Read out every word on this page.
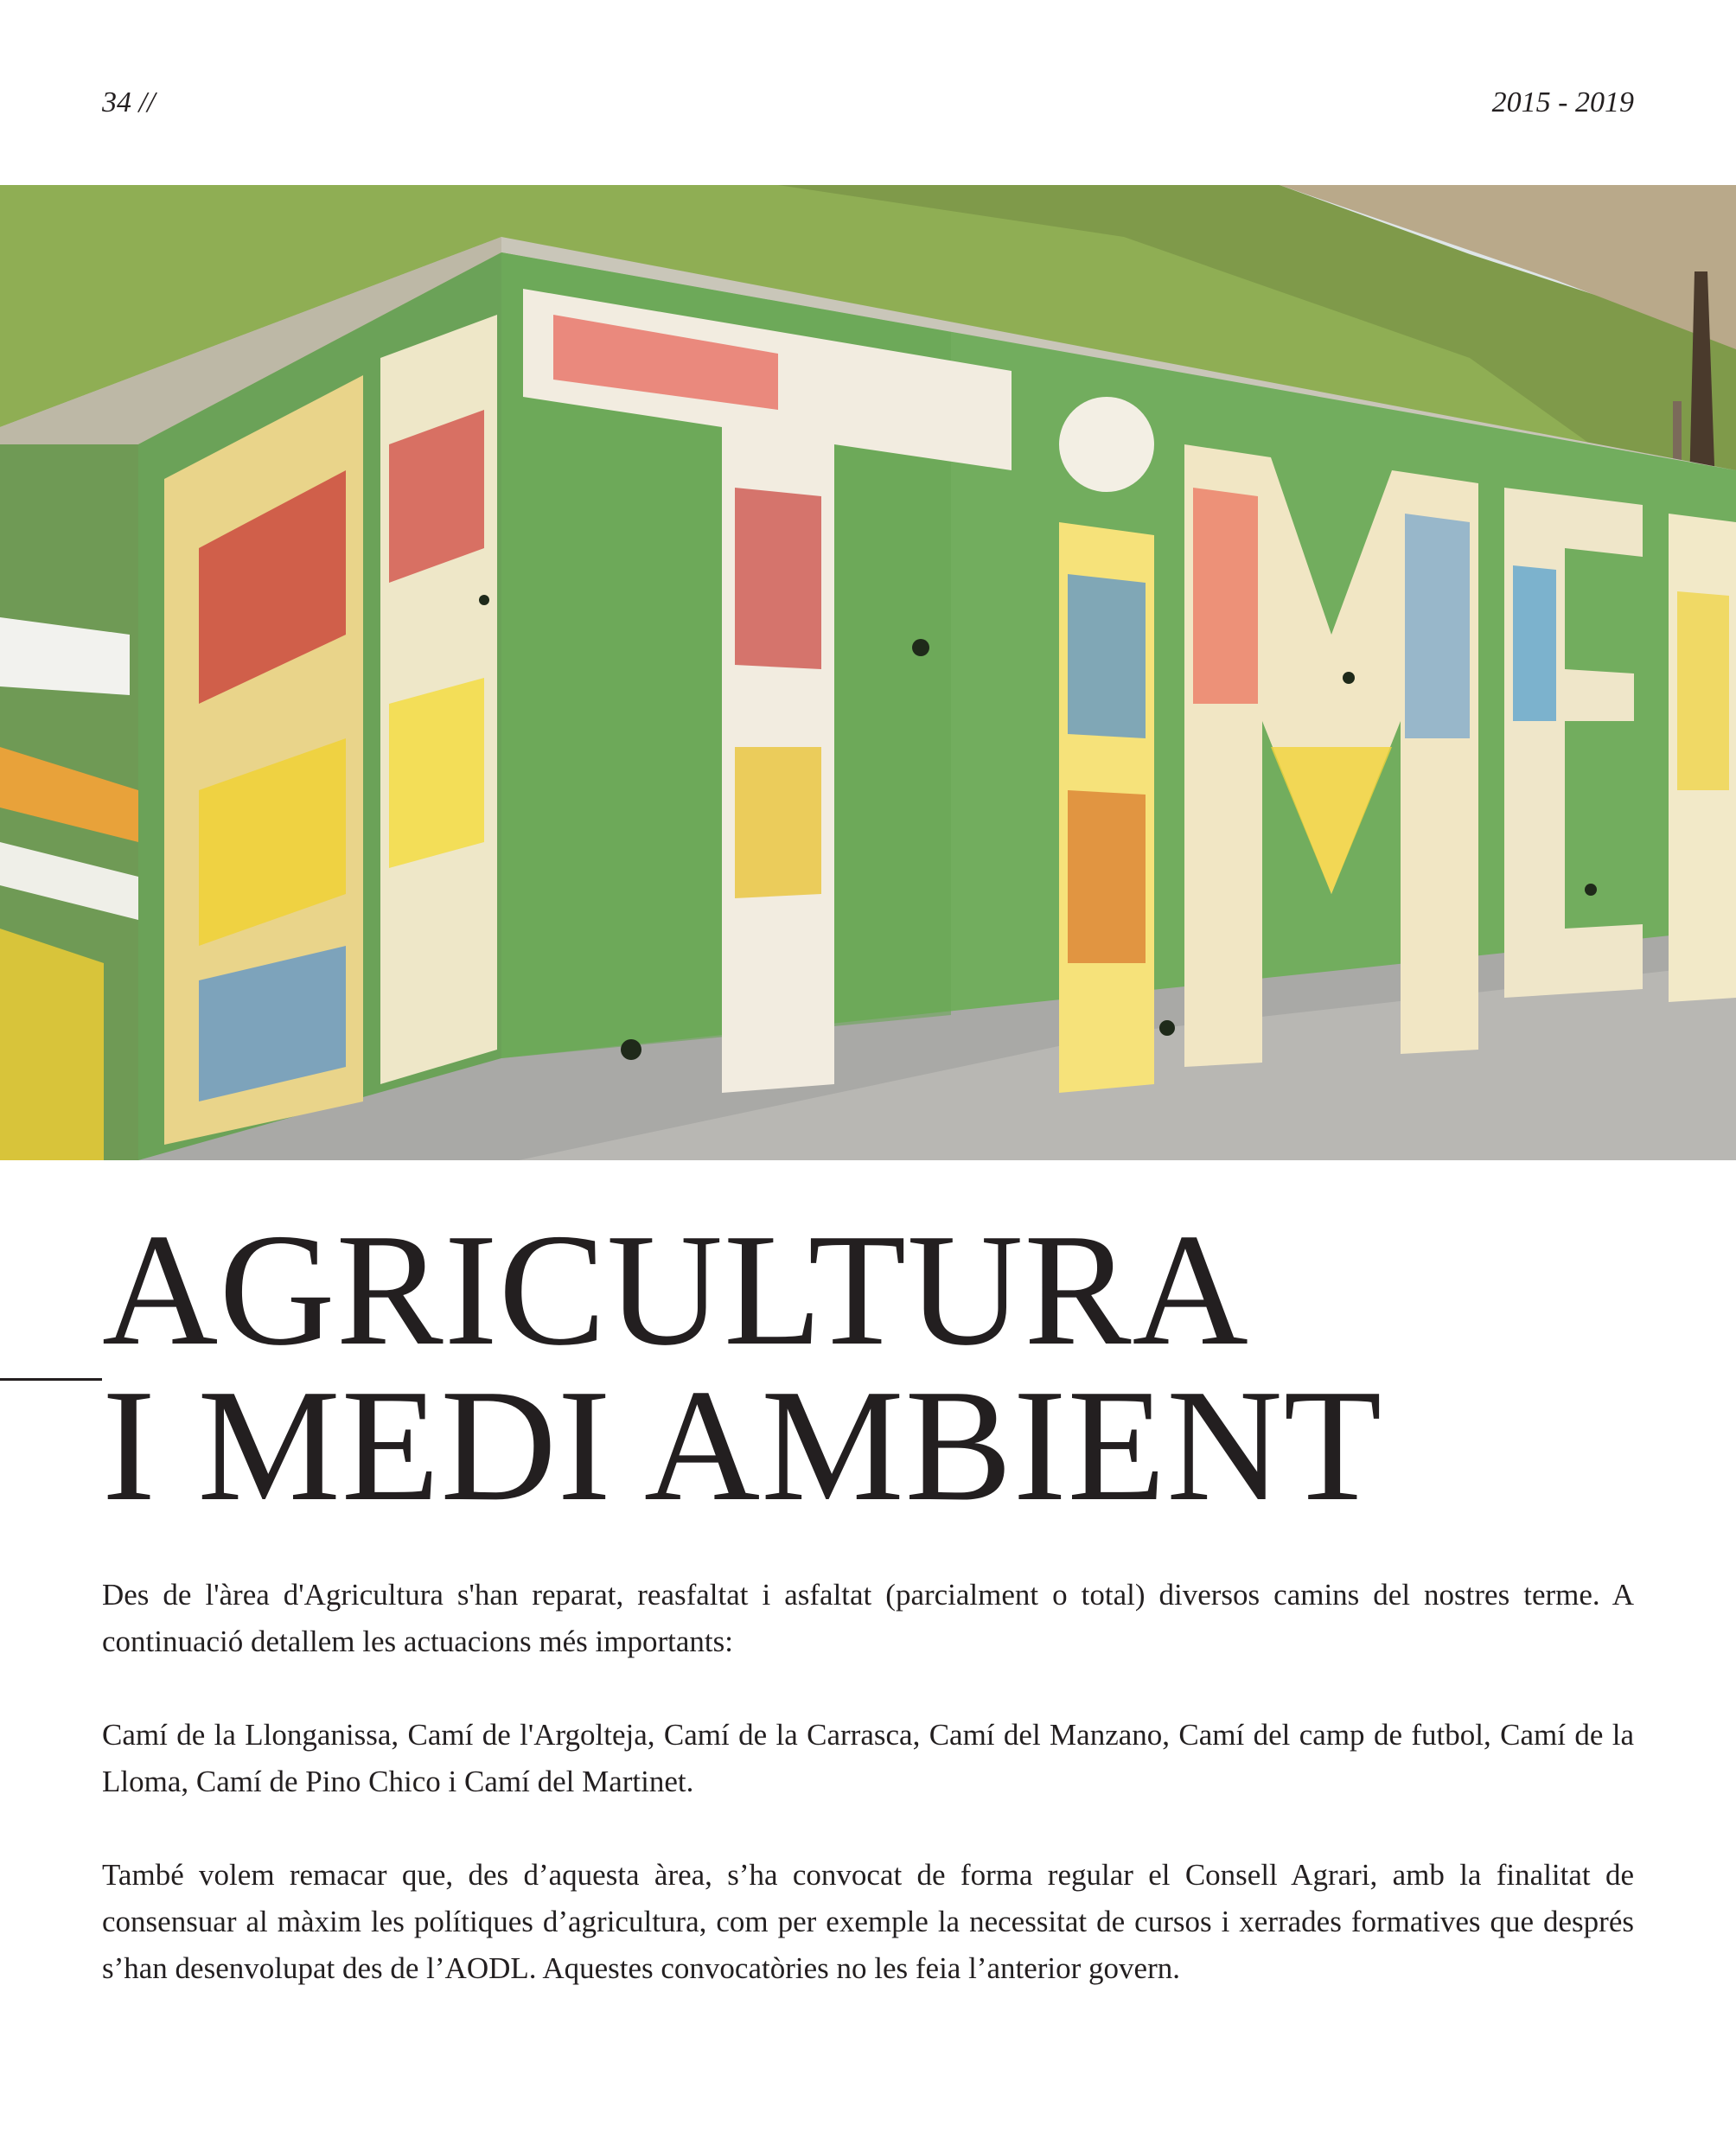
34 //	2015 - 2019
AGRICULTURA
I MEDI AMBIENT

Des de l'àrea d'Agricultura s'han reparat, reasfaltat i asfaltat (parcialment o total) diversos camins del nostres terme. A continuació detallem les actuacions més importants:

Camí de la Llonganissa, Camí de l'Argolteja, Camí de la Carrasca, Camí del Manzano, Camí del camp de futbol, Camí de la Lloma, Camí de Pino Chico i Camí del Martinet.

També volem remacar que, des d’aquesta àrea, s’ha convocat de forma regular el Consell Agrari, amb la finalitat de consensuar al màxim les polítiques d’agricultura, com per exemple la necessitat de cursos i xerrades formatives que després s’han desenvolupat des de l’AODL. Aquestes convocatòries no les feia l’anterior govern.
